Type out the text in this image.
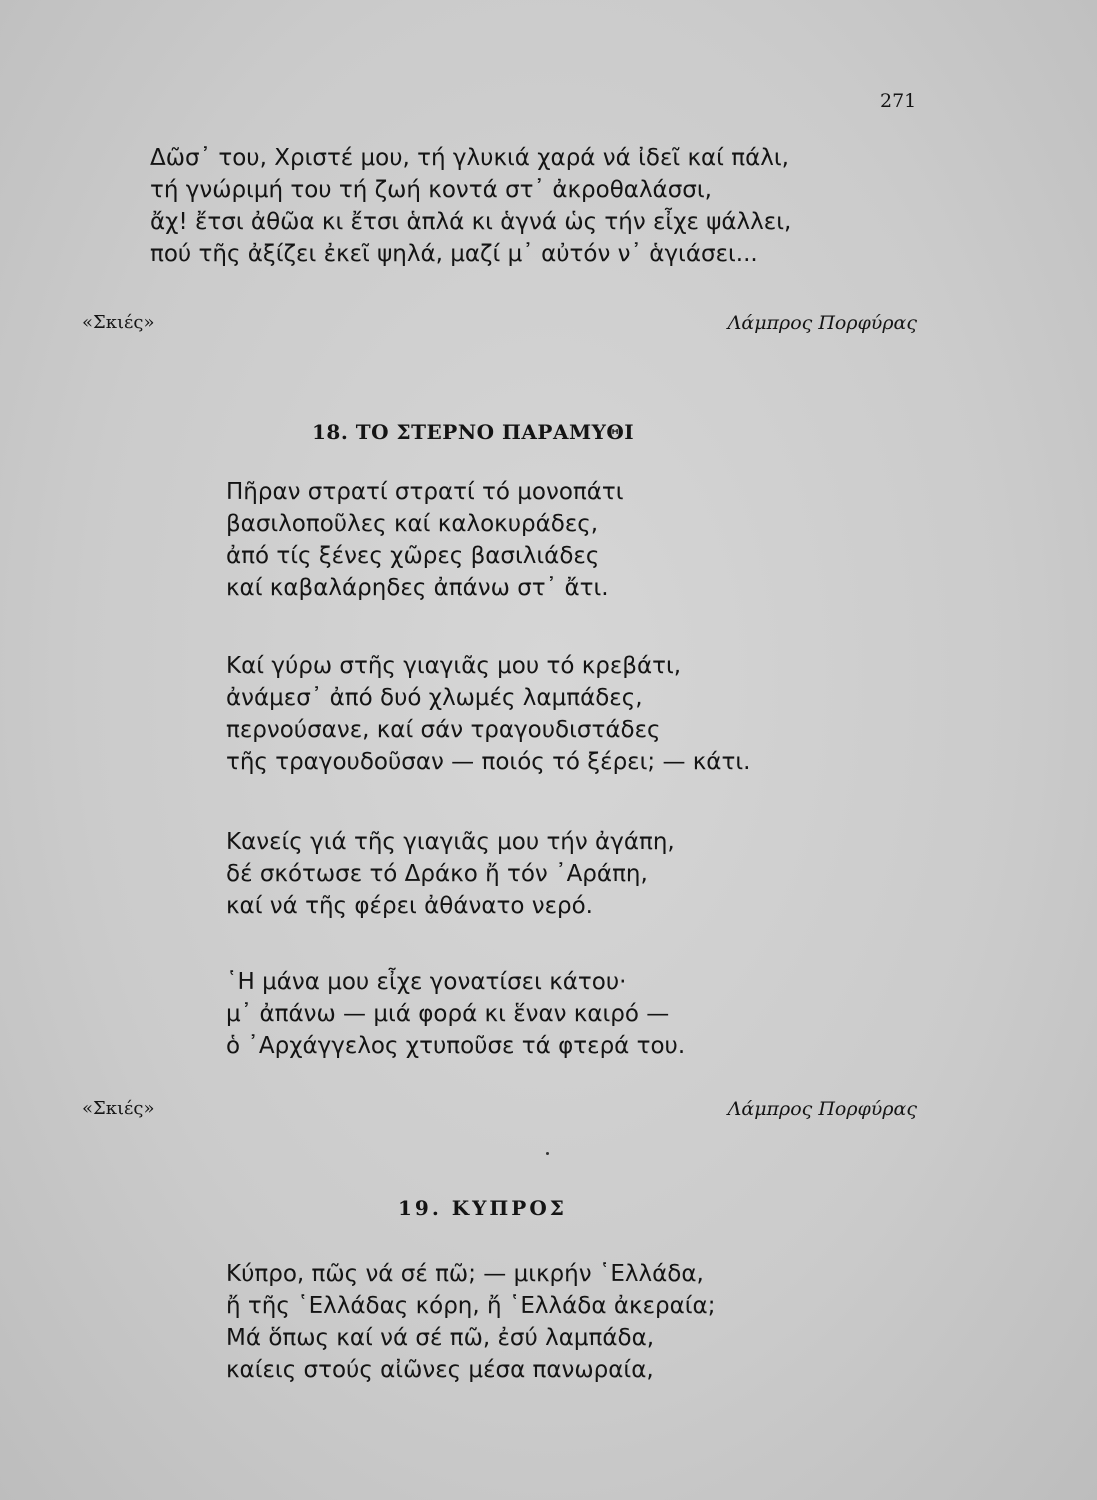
271
Δῶσ᾽ του, Χριστέ μου, τή γλυκιά χαρά νά ἰδεῖ καί πάλι,
τή γνώριμή του τή ζωή κοντά στ᾽ ἀκροθαλάσσι,
ἄχ! ἔτσι ἀθῶα κι ἔτσι ἁπλά κι ἁγνά ὡς τήν εἶχε ψάλλει,
πού τῆς ἀξίζει ἐκεῖ ψηλά, μαζί μ᾽ αὐτόν ν᾽ ἁγιάσει...
«Σκιές»	Λάμπρος Πορφύρας
18. ΤΟ ΣΤΕΡΝΟ ΠΑΡΑΜΥΘΙ
Πῆραν στρατί στρατί τό μονοπάτι
βασιλοποῦλες καί καλοκυράδες,
ἀπό τίς ξένες χῶρες βασιλιάδες
καί καβαλάρηδες ἀπάνω στ᾽ ἄτι.
Καί γύρω στῆς γιαγιᾶς μου τό κρεβάτι,
ἀνάμεσ᾽ ἀπό δυό χλωμές λαμπάδες,
περνούσανε, καί σάν τραγουδιστάδες
τῆς τραγουδοῦσαν — ποιός τό ξέρει; — κάτι.
Κανείς γιά τῆς γιαγιᾶς μου τήν ἀγάπη,
δέ σκότωσε τό Δράκο ἤ τόν ᾽Αράπη,
καί νά τῆς φέρει ἀθάνατο νερό.
῾Η μάνα μου εἶχε γονατίσει κάτου·
μ᾽ ἀπάνω — μιά φορά κι ἕναν καιρό —
ὁ ᾽Αρχάγγελος χτυποῦσε τά φτερά του.
«Σκιές»	Λάμπρος Πορφύρας
19. ΚΥΠΡΟΣ
Κύπρο, πῶς νά σέ πῶ; — μικρήν ῾Ελλάδα,
ἤ τῆς ῾Ελλάδας κόρη, ἤ ῾Ελλάδα ἀκεραία;
Μά ὅπως καί νά σέ πῶ, ἐσύ λαμπάδα,
καίεις στούς αἰῶνες μέσα πανωραία,
